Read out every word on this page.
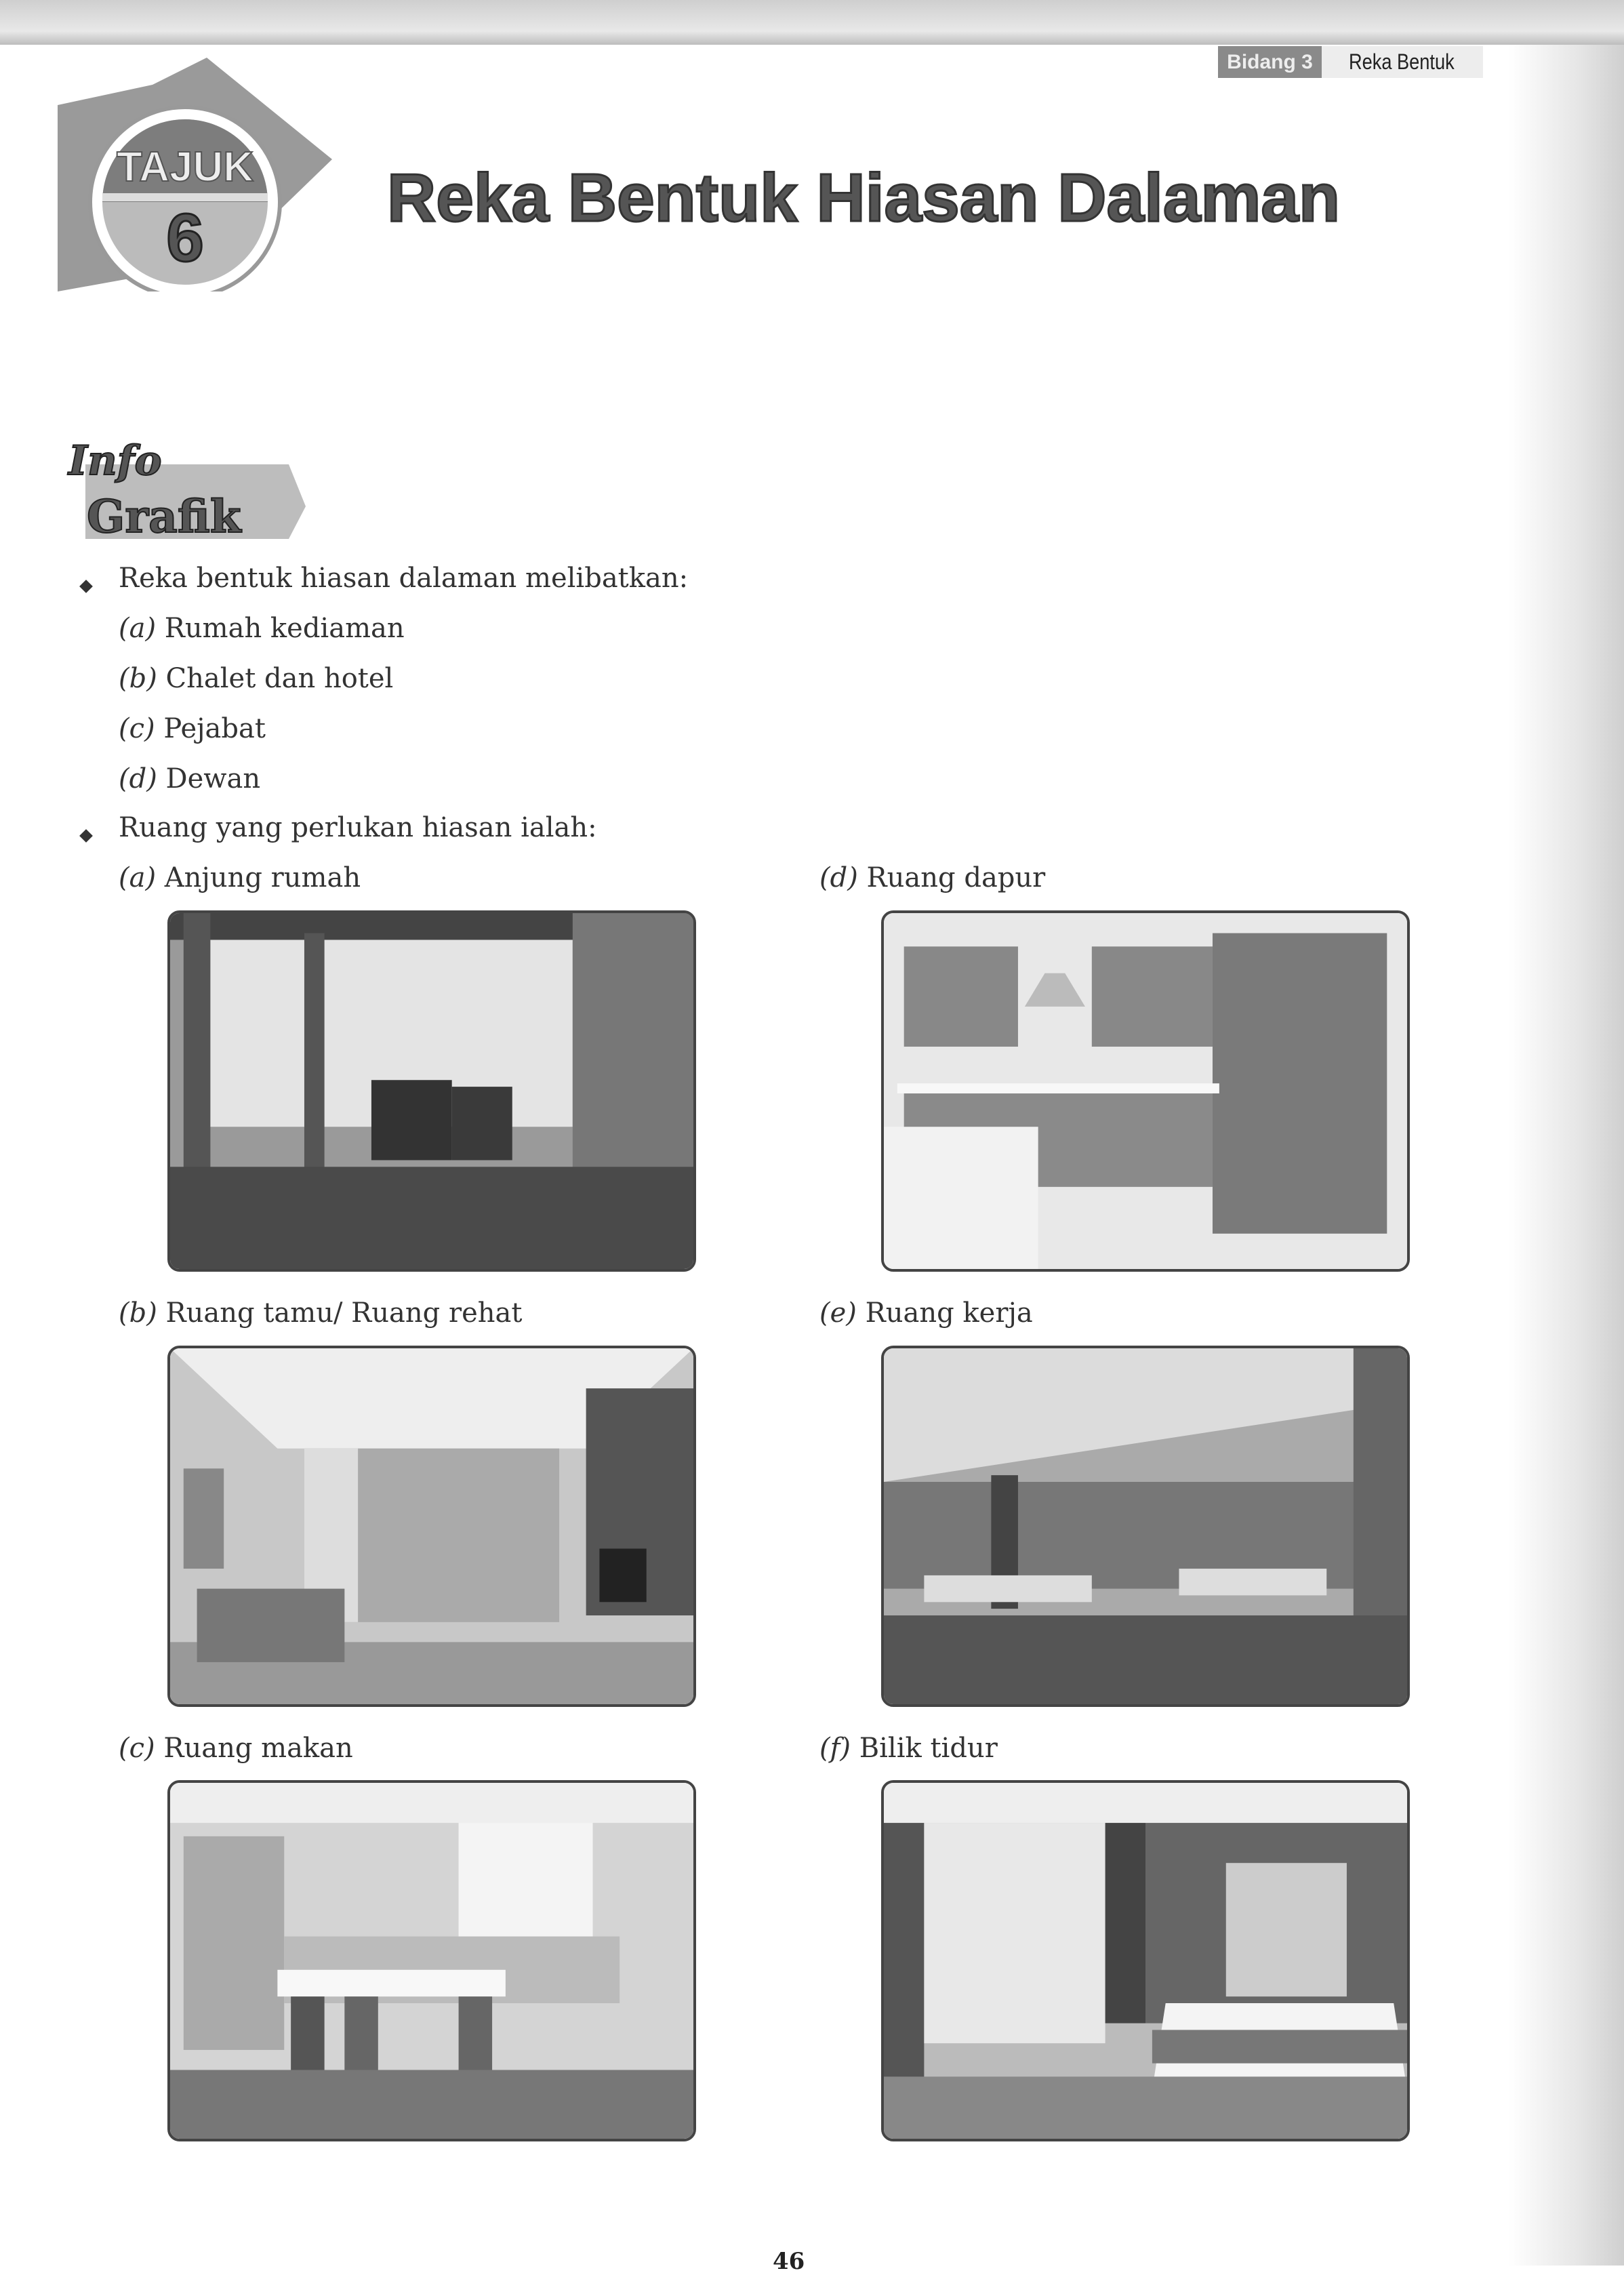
Bidang 3	Reka Bentuk
TAJUK
6
Reka Bentuk Hiasan Dalaman
Info
Grafik
Reka bentuk hiasan dalaman melibatkan:
(a) Rumah kediaman
(b) Chalet dan hotel
(c) Pejabat
(d) Dewan
Ruang yang perlukan hiasan ialah:
(a) Anjung rumah
(b) Ruang tamu/ Ruang rehat
(c) Ruang makan
(d) Ruang dapur
(e) Ruang kerja
(f) Bilik tidur
46
